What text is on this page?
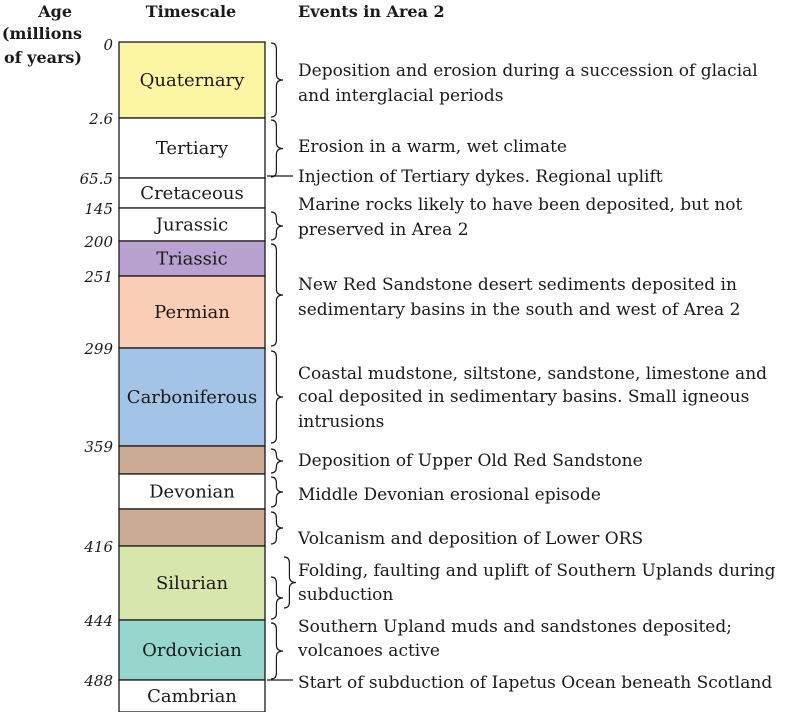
Age
(millions
of years)
Timescale	Events in Area 2
Quaternary
Tertiary
Cretaceous
Jurassic
Triassic
Permian
Carboniferous
Devonian
Silurian
Ordovician
Cambrian
0
2.6
65.5
145
200
251
299
359
416
444
488
Deposition and erosion during a succession of glacial
and interglacial periods
Erosion in a warm, wet climate
Injection of Tertiary dykes. Regional uplift
Marine rocks likely to have been deposited, but not
preserved in Area 2
New Red Sandstone desert sediments deposited in
sedimentary basins in the south and west of Area 2
Coastal mudstone, siltstone, sandstone, limestone and
coal deposited in sedimentary basins. Small igneous
intrusions
Deposition of Upper Old Red Sandstone
Middle Devonian erosional episode
Volcanism and deposition of Lower ORS
Folding, faulting and uplift of Southern Uplands during
subduction
Southern Upland muds and sandstones deposited;
volcanoes active
Start of subduction of Iapetus Ocean beneath Scotland
